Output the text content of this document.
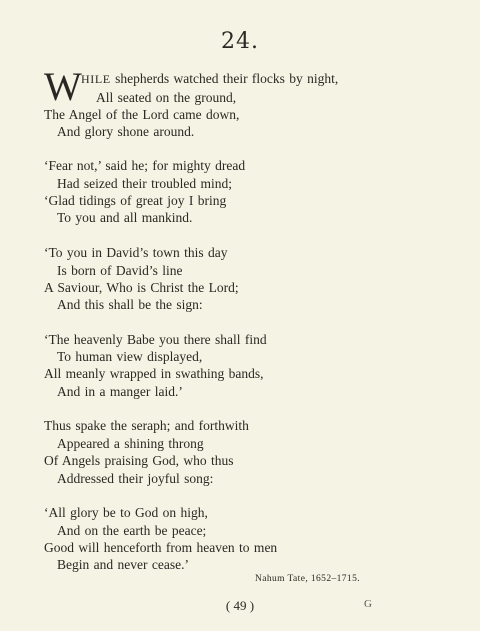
24.
W HILE shepherds watched their flocks by night,
All seated on the ground,
The Angel of the Lord came down,
And glory shone around.
‘Fear not,’ said he; for mighty dread
Had seized their troubled mind;
‘Glad tidings of great joy I bring
To you and all mankind.
‘To you in David’s town this day
Is born of David’s line
A Saviour, Who is Christ the Lord;
And this shall be the sign:
‘The heavenly Babe you there shall find
To human view displayed,
All meanly wrapped in swathing bands,
And in a manger laid.’
Thus spake the seraph; and forthwith
Appeared a shining throng
Of Angels praising God, who thus
Addressed their joyful song:
‘All glory be to God on high,
And on the earth be peace;
Good will henceforth from heaven to men
Begin and never cease.’
Nahum Tate, 1652–1715.
( 49 )	G
